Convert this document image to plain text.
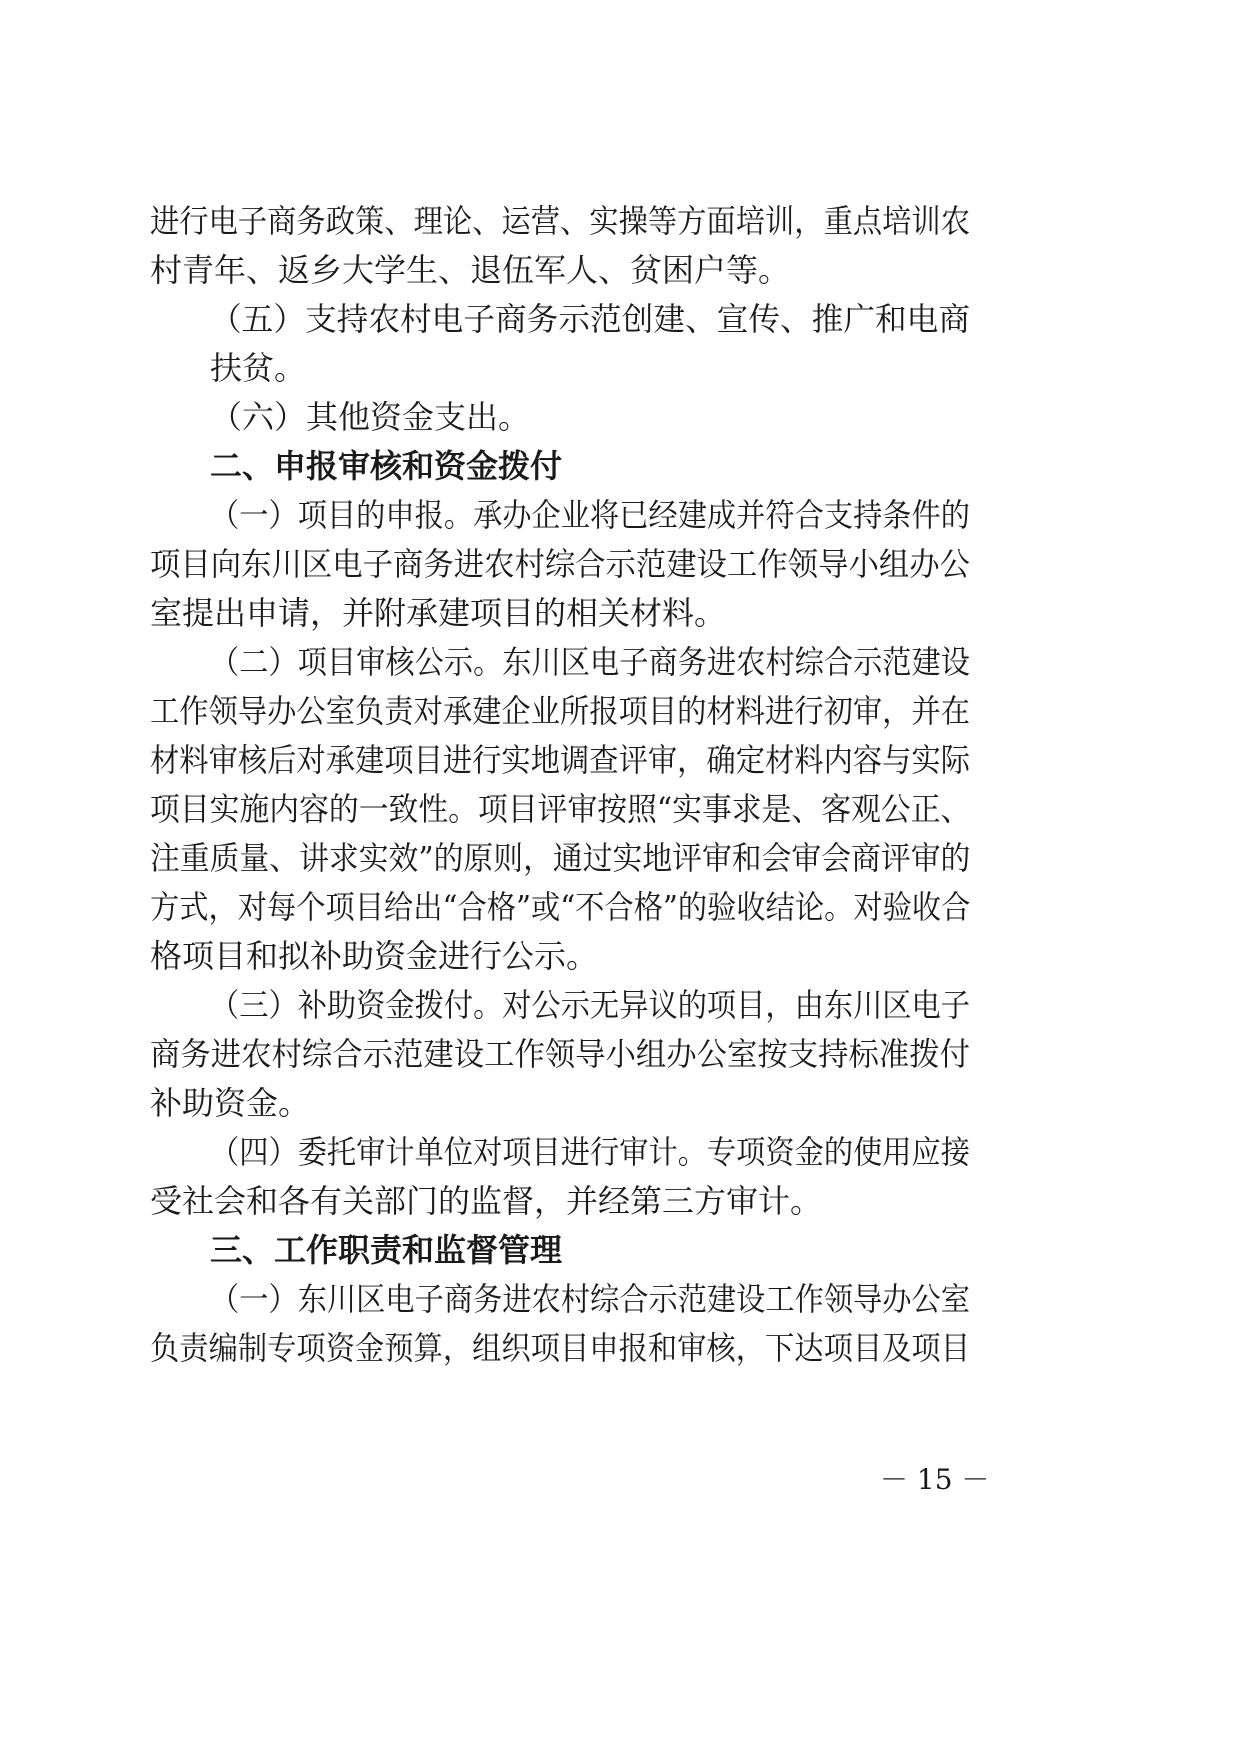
进行电子商务政策、理论、运营、实操等方面培训，重点培训农
村青年、返乡大学生、退伍军人、贫困户等。
（五）支持农村电子商务示范创建、宣传、推广和电商
扶贫。
（六）其他资金支出。
二、申报审核和资金拨付
（一）项目的申报。承办企业将已经建成并符合支持条件的
项目向东川区电子商务进农村综合示范建设工作领导小组办公
室提出申请，并附承建项目的相关材料。
（二）项目审核公示。东川区电子商务进农村综合示范建设
工作领导办公室负责对承建企业所报项目的材料进行初审，并在
材料审核后对承建项目进行实地调查评审，确定材料内容与实际
项目实施内容的一致性。项目评审按照“实事求是、客观公正、
注重质量、讲求实效”的原则，通过实地评审和会审会商评审的
方式，对每个项目给出“合格”或“不合格”的验收结论。对验收合
格项目和拟补助资金进行公示。
（三）补助资金拨付。对公示无异议的项目，由东川区电子
商务进农村综合示范建设工作领导小组办公室按支持标准拨付
补助资金。
（四）委托审计单位对项目进行审计。专项资金的使用应接
受社会和各有关部门的监督，并经第三方审计。
三、工作职责和监督管理
（一）东川区电子商务进农村综合示范建设工作领导办公室
负责编制专项资金预算，组织项目申报和审核，下达项目及项目
－ 15 －
